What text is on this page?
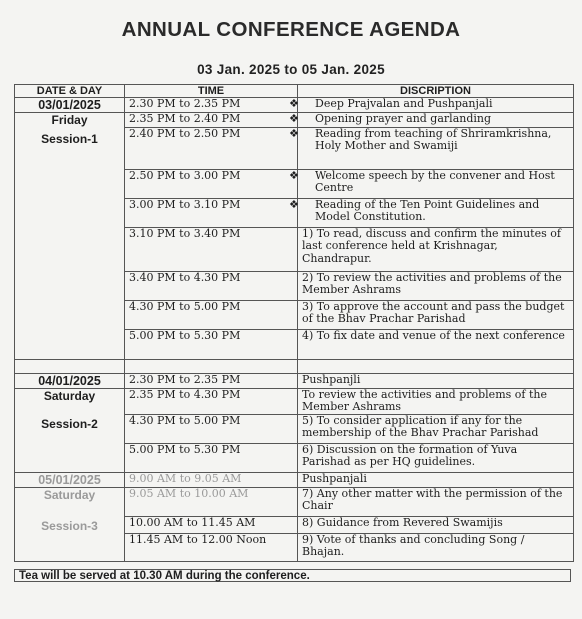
ANNUAL CONFERENCE AGENDA
03 Jan. 2025 to 05 Jan. 2025
DATE & DAY	TIME	DISCRIPTION

03/01/2025	2.30 PM to 2.35 PM	❖ Deep Prajvalan and Pushpanjali

Friday	2.35 PM to 2.40 PM	❖ Opening prayer and garlanding

Session-1	2.40 PM to 2.50 PM	❖ Reading from teaching of Shriramkrishna, Holy Mother and Swamiji

	2.50 PM to 3.00 PM	❖ Welcome speech by the convener and Host Centre

	3.00 PM to 3.10 PM	❖ Reading of the Ten Point Guidelines and Model Constitution.

	3.10 PM to 3.40 PM	1) To read, discuss and confirm the minutes of last conference held at Krishnagar, Chandrapur.

	3.40 PM to 4.30 PM	2) To review the activities and problems of the Member Ashrams

	4.30 PM to 5.00 PM	3) To approve the account and pass the budget of the Bhav Prachar Parishad

	5.00 PM to 5.30 PM	4) To fix date and venue of the next conference

04/01/2025	2.30 PM to 2.35 PM	Pushpanjli

Saturday	2.35 PM to 4.30 PM	To review the activities and problems of the Member Ashrams

Session-2	4.30 PM to 5.00 PM	5) To consider application if any for the membership of the Bhav Prachar Parishad

	5.00 PM to 5.30 PM	6) Discussion on the formation of Yuva Parishad as per HQ guidelines.

05/01/2025	9.00 AM to 9.05 AM	Pushpanjali

Saturday	9.05 AM to 10.00 AM	7) Any other matter with the permission of the Chair

Session-3	10.00 AM to 11.45 AM	8) Guidance from Revered Swamijis

	11.45 AM to 12.00 Noon	9) Vote of thanks and concluding Song / Bhajan.
Tea will be served at 10.30 AM during the conference.
